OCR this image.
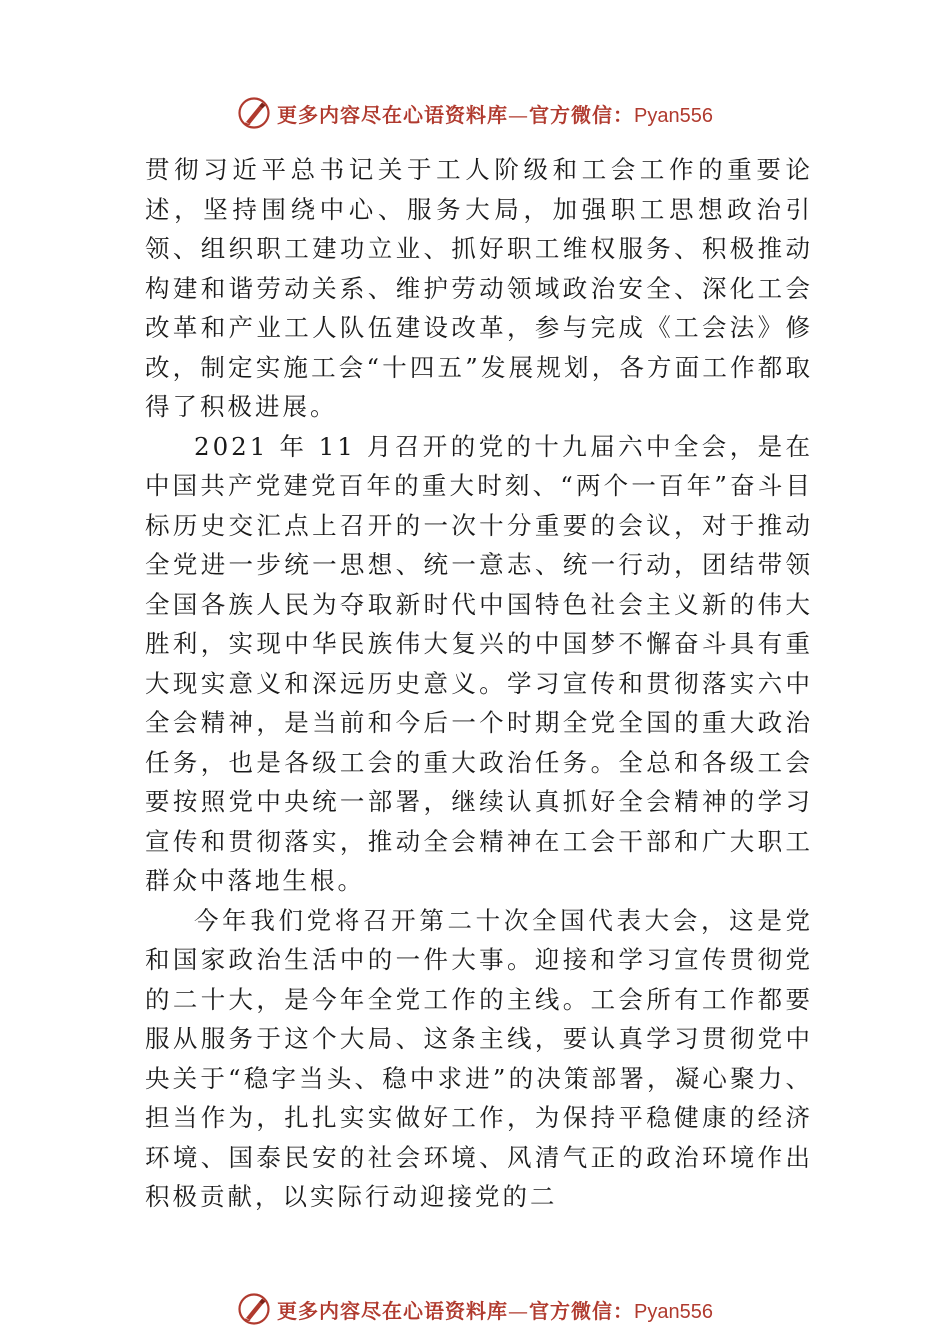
更多内容尽在心语资料库—官方微信：Pyan556

贯彻习近平总书记关于工人阶级和工会工作的重要论述，坚持围绕中心、服务大局，加强职工思想政治引领、组织职工建功立业、抓好职工维权服务、积极推动构建和谐劳动关系、维护劳动领域政治安全、深化工会改革和产业工人队伍建设改革，参与完成《工会法》修改，制定实施工会“十四五”发展规划，各方面工作都取得了积极进展。

2021 年 11 月召开的党的十九届六中全会，是在中国共产党建党百年的重大时刻、“两个一百年”奋斗目标历史交汇点上召开的一次十分重要的会议，对于推动全党进一步统一思想、统一意志、统一行动，团结带领全国各族人民为夺取新时代中国特色社会主义新的伟大胜利，实现中华民族伟大复兴的中国梦不懈奋斗具有重大现实意义和深远历史意义。学习宣传和贯彻落实六中全会精神，是当前和今后一个时期全党全国的重大政治任务，也是各级工会的重大政治任务。全总和各级工会要按照党中央统一部署，继续认真抓好全会精神的学习宣传和贯彻落实，推动全会精神在工会干部和广大职工群众中落地生根。

今年我们党将召开第二十次全国代表大会，这是党和国家政治生活中的一件大事。迎接和学习宣传贯彻党的二十大，是今年全党工作的主线。工会所有工作都要服从服务于这个大局、这条主线，要认真学习贯彻党中央关于“稳字当头、稳中求进”的决策部署，凝心聚力、担当作为，扎扎实实做好工作，为保持平稳健康的经济环境、国泰民安的社会环境、风清气正的政治环境作出积极贡献，以实际行动迎接党的二

更多内容尽在心语资料库—官方微信：Pyan556
